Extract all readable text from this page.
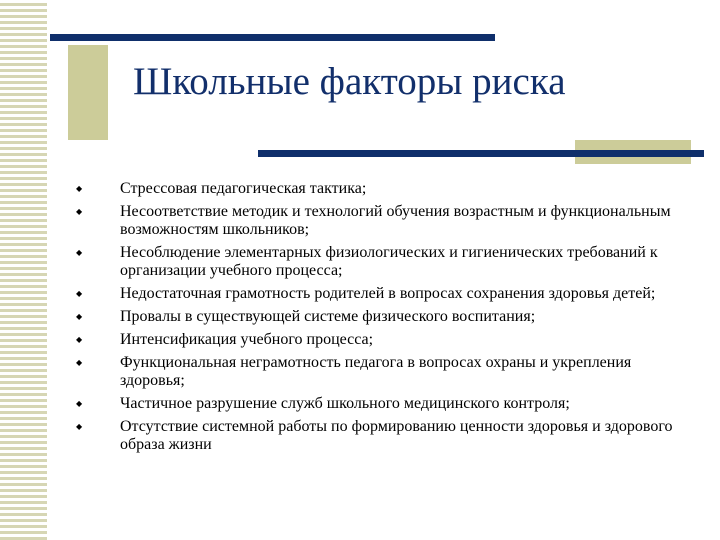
Школьные факторы риска
◆	Стрессовая педагогическая тактика;
◆	Несоответствие методик и технологий обучения возрастным и функциональным возможностям школьников;
◆	Несоблюдение элементарных физиологических и гигиенических требований к организации учебного процесса;
◆	Недостаточная грамотность родителей в вопросах сохранения здоровья детей;
◆	Провалы в существующей системе физического воспитания;
◆	Интенсификация учебного процесса;
◆	Функциональная неграмотность педагога в вопросах охраны и укрепления здоровья;
◆	Частичное разрушение служб школьного медицинского контроля;
◆	Отсутствие системной работы по формированию ценности здоровья и здорового образа жизни
